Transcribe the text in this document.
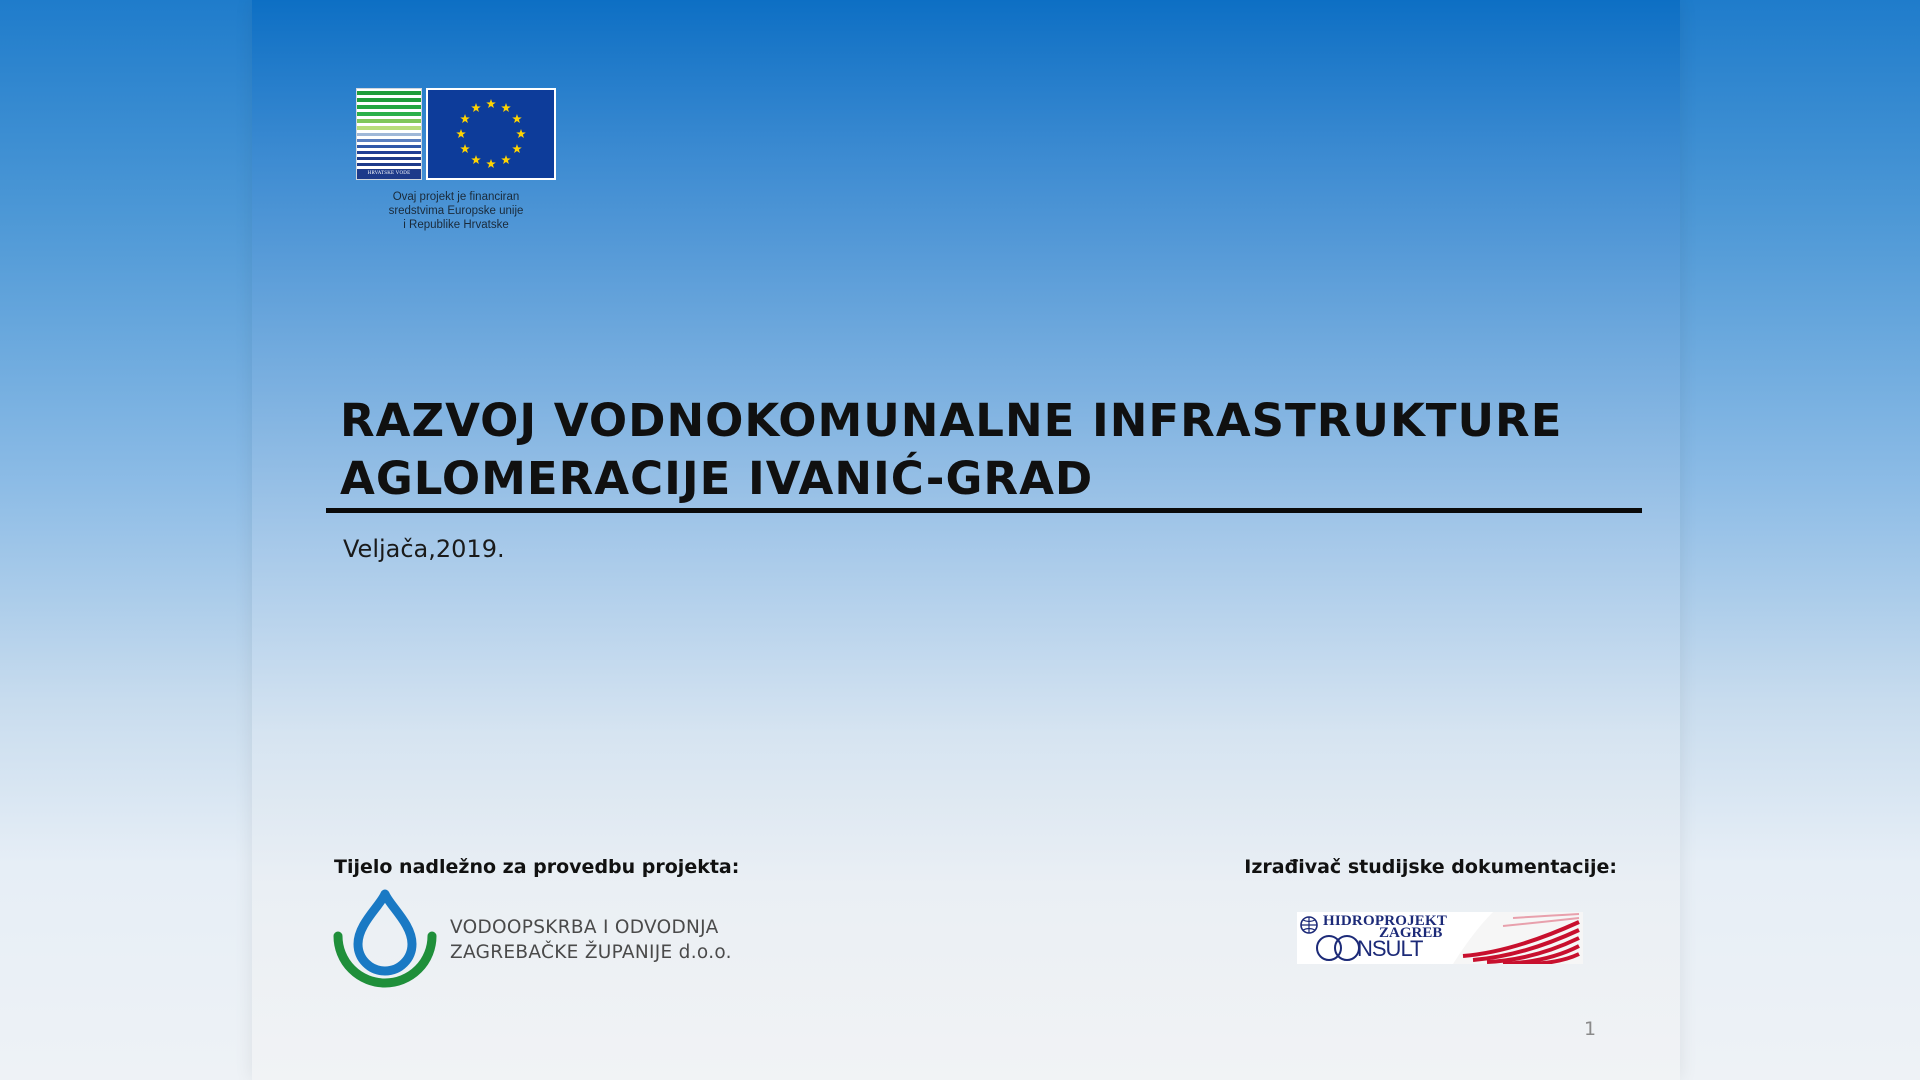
HRVATSKE VODE
Ovaj projekt je financiran
sredstvima Europske unije
i Republike Hrvatske
RAZVOJ VODNOKOMUNALNE INFRASTRUKTURE
AGLOMERACIJE IVANIĆ-GRAD
Veljača,2019.
Tijelo nadležno za provedbu projekta:
VODOOPSKRBA I ODVODNJA
ZAGREBAČKE ŽUPANIJE d.o.o.
Izrađivač studijske dokumentacije:
HIDROPROJEKT
ZAGREB
NSULT
1
